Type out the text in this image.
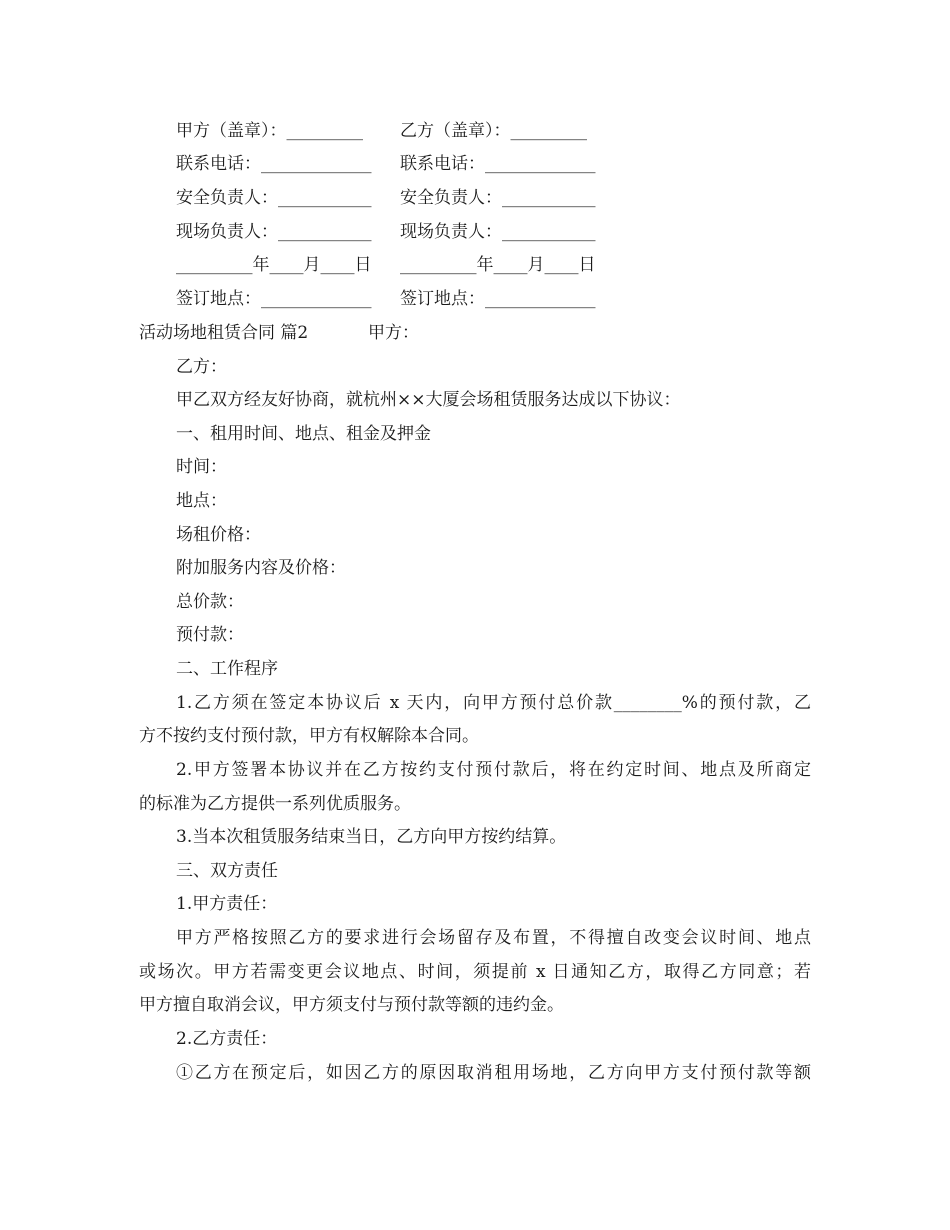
甲方（盖章）：_________ 乙方（盖章）：_________
联系电话：_____________ 联系电话：_____________
安全负责人：___________ 安全负责人：___________
现场负责人：___________ 现场负责人：___________
_________年____月____日 _________年____月____日
签订地点：_____________ 签订地点：_____________
活动场地租赁合同 篇2	甲方：
乙方：
甲乙双方经友好协商，就杭州××大厦会场租赁服务达成以下协议：
一、租用时间、地点、租金及押金
时间：
地点：
场租价格：
附加服务内容及价格：
总价款：
预付款：
二、工作程序
1.乙方须在签定本协议后 x 天内，向甲方预付总价款________%的预付款，乙
方不按约支付预付款，甲方有权解除本合同。
2.甲方签署本协议并在乙方按约支付预付款后，将在约定时间、地点及所商定
的标准为乙方提供一系列优质服务。
3.当本次租赁服务结束当日，乙方向甲方按约结算。
三、双方责任
1.甲方责任：
甲方严格按照乙方的要求进行会场留存及布置，不得擅自改变会议时间、地点
或场次。甲方若需变更会议地点、时间，须提前 x 日通知乙方，取得乙方同意；若
甲方擅自取消会议，甲方须支付与预付款等额的违约金。
2.乙方责任：
①乙方在预定后，如因乙方的原因取消租用场地，乙方向甲方支付预付款等额
